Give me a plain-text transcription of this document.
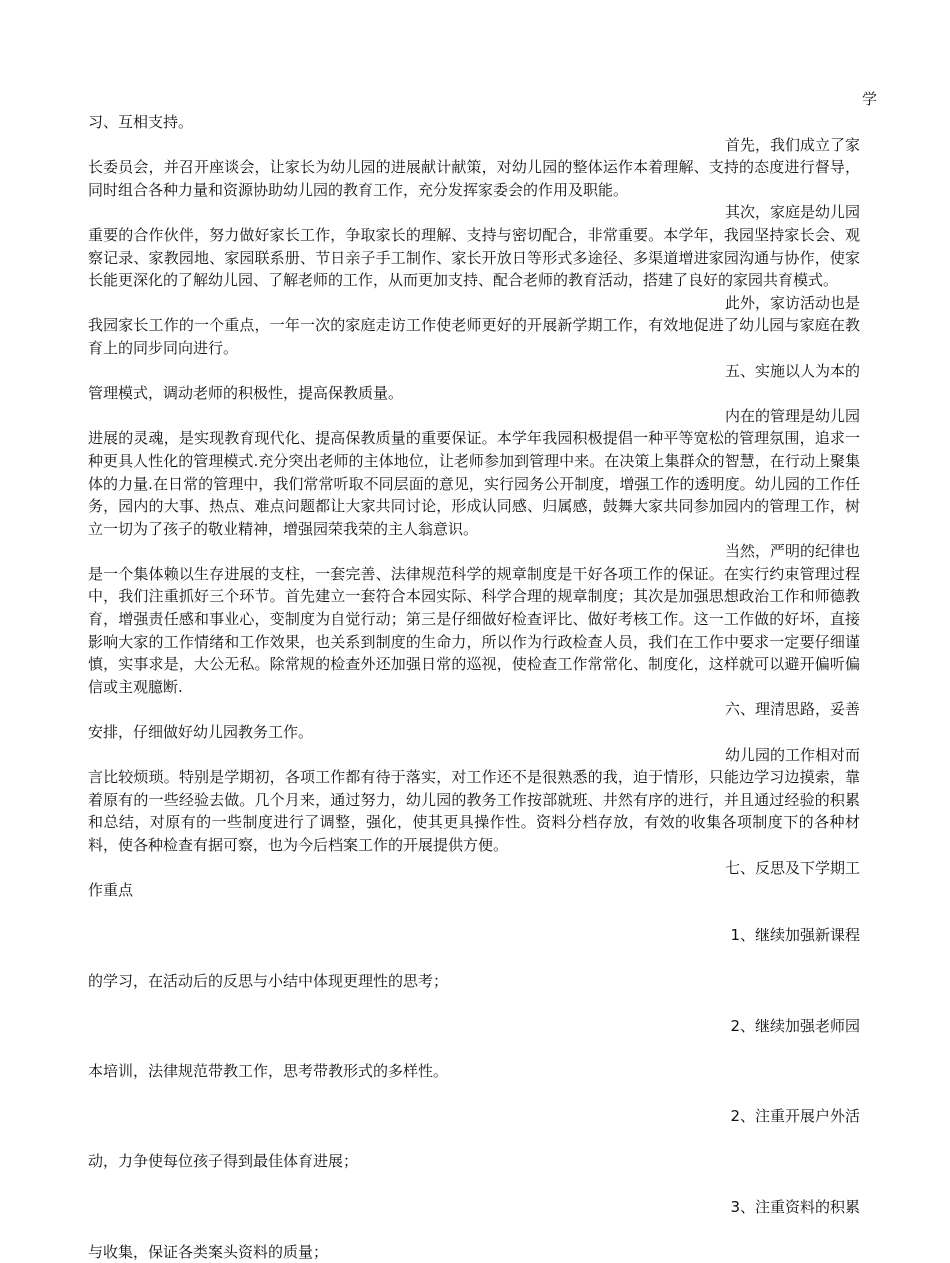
学
习、互相支持。
首先，我们成立了家
长委员会，并召开座谈会，让家长为幼儿园的进展献计献策，对幼儿园的整体运作本着理解、支持的态度进行督导，同时组合各种力量和资源协助幼儿园的教育工作，充分发挥家委会的作用及职能。
其次，家庭是幼儿园
重要的合作伙伴，努力做好家长工作，争取家长的理解、支持与密切配合，非常重要。本学年，我园坚持家长会、观察记录、家教园地、家园联系册、节日亲子手工制作、家长开放日等形式多途径、多渠道增进家园沟通与协作，使家长能更深化的了解幼儿园、了解老师的工作，从而更加支持、配合老师的教育活动，搭建了良好的家园共育模式。
此外，家访活动也是
我园家长工作的一个重点，一年一次的家庭走访工作使老师更好的开展新学期工作，有效地促进了幼儿园与家庭在教育上的同步同向进行。
五、实施以人为本的
管理模式，调动老师的积极性，提高保教质量。
内在的管理是幼儿园
进展的灵魂，是实现教育现代化、提高保教质量的重要保证。本学年我园积极提倡一种平等宽松的管理氛围，追求一种更具人性化的管理模式.充分突出老师的主体地位，让老师参加到管理中来。在决策上集群众的智慧，在行动上聚集体的力量.在日常的管理中，我们常常听取不同层面的意见，实行园务公开制度，增强工作的透明度。幼儿园的工作任务，园内的大事、热点、难点问题都让大家共同讨论，形成认同感、归属感，鼓舞大家共同参加园内的管理工作，树立一切为了孩子的敬业精神，增强园荣我荣的主人翁意识。
当然，严明的纪律也
是一个集体赖以生存进展的支柱，一套完善、法律规范科学的规章制度是干好各项工作的保证。在实行约束管理过程中，我们注重抓好三个环节。首先建立一套符合本园实际、科学合理的规章制度；其次是加强思想政治工作和师德教育，增强责任感和事业心，变制度为自觉行动；第三是仔细做好检查评比、做好考核工作。这一工作做的好坏，直接影响大家的工作情绪和工作效果，也关系到制度的生命力，所以作为行政检查人员，我们在工作中要求一定要仔细谨慎，实事求是，大公无私。除常规的检查外还加强日常的巡视，使检查工作常常化、制度化，这样就可以避开偏听偏信或主观臆断.
六、理清思路，妥善
安排，仔细做好幼儿园教务工作。
幼儿园的工作相对而
言比较烦琐。特别是学期初，各项工作都有待于落实，对工作还不是很熟悉的我，迫于情形，只能边学习边摸索，靠着原有的一些经验去做。几个月来，通过努力，幼儿园的教务工作按部就班、井然有序的进行，并且通过经验的积累和总结，对原有的一些制度进行了调整，强化，使其更具操作性。资料分档存放，有效的收集各项制度下的各种材料，使各种检查有据可察，也为今后档案工作的开展提供方便。
七、反思及下学期工
作重点
1、继续加强新课程
的学习，在活动后的反思与小结中体现更理性的思考；
2、继续加强老师园
本培训，法律规范带教工作，思考带教形式的多样性。
2、注重开展户外活
动，力争使每位孩子得到最佳体育进展；
3、注重资料的积累
与收集，保证各类案头资料的质量；
